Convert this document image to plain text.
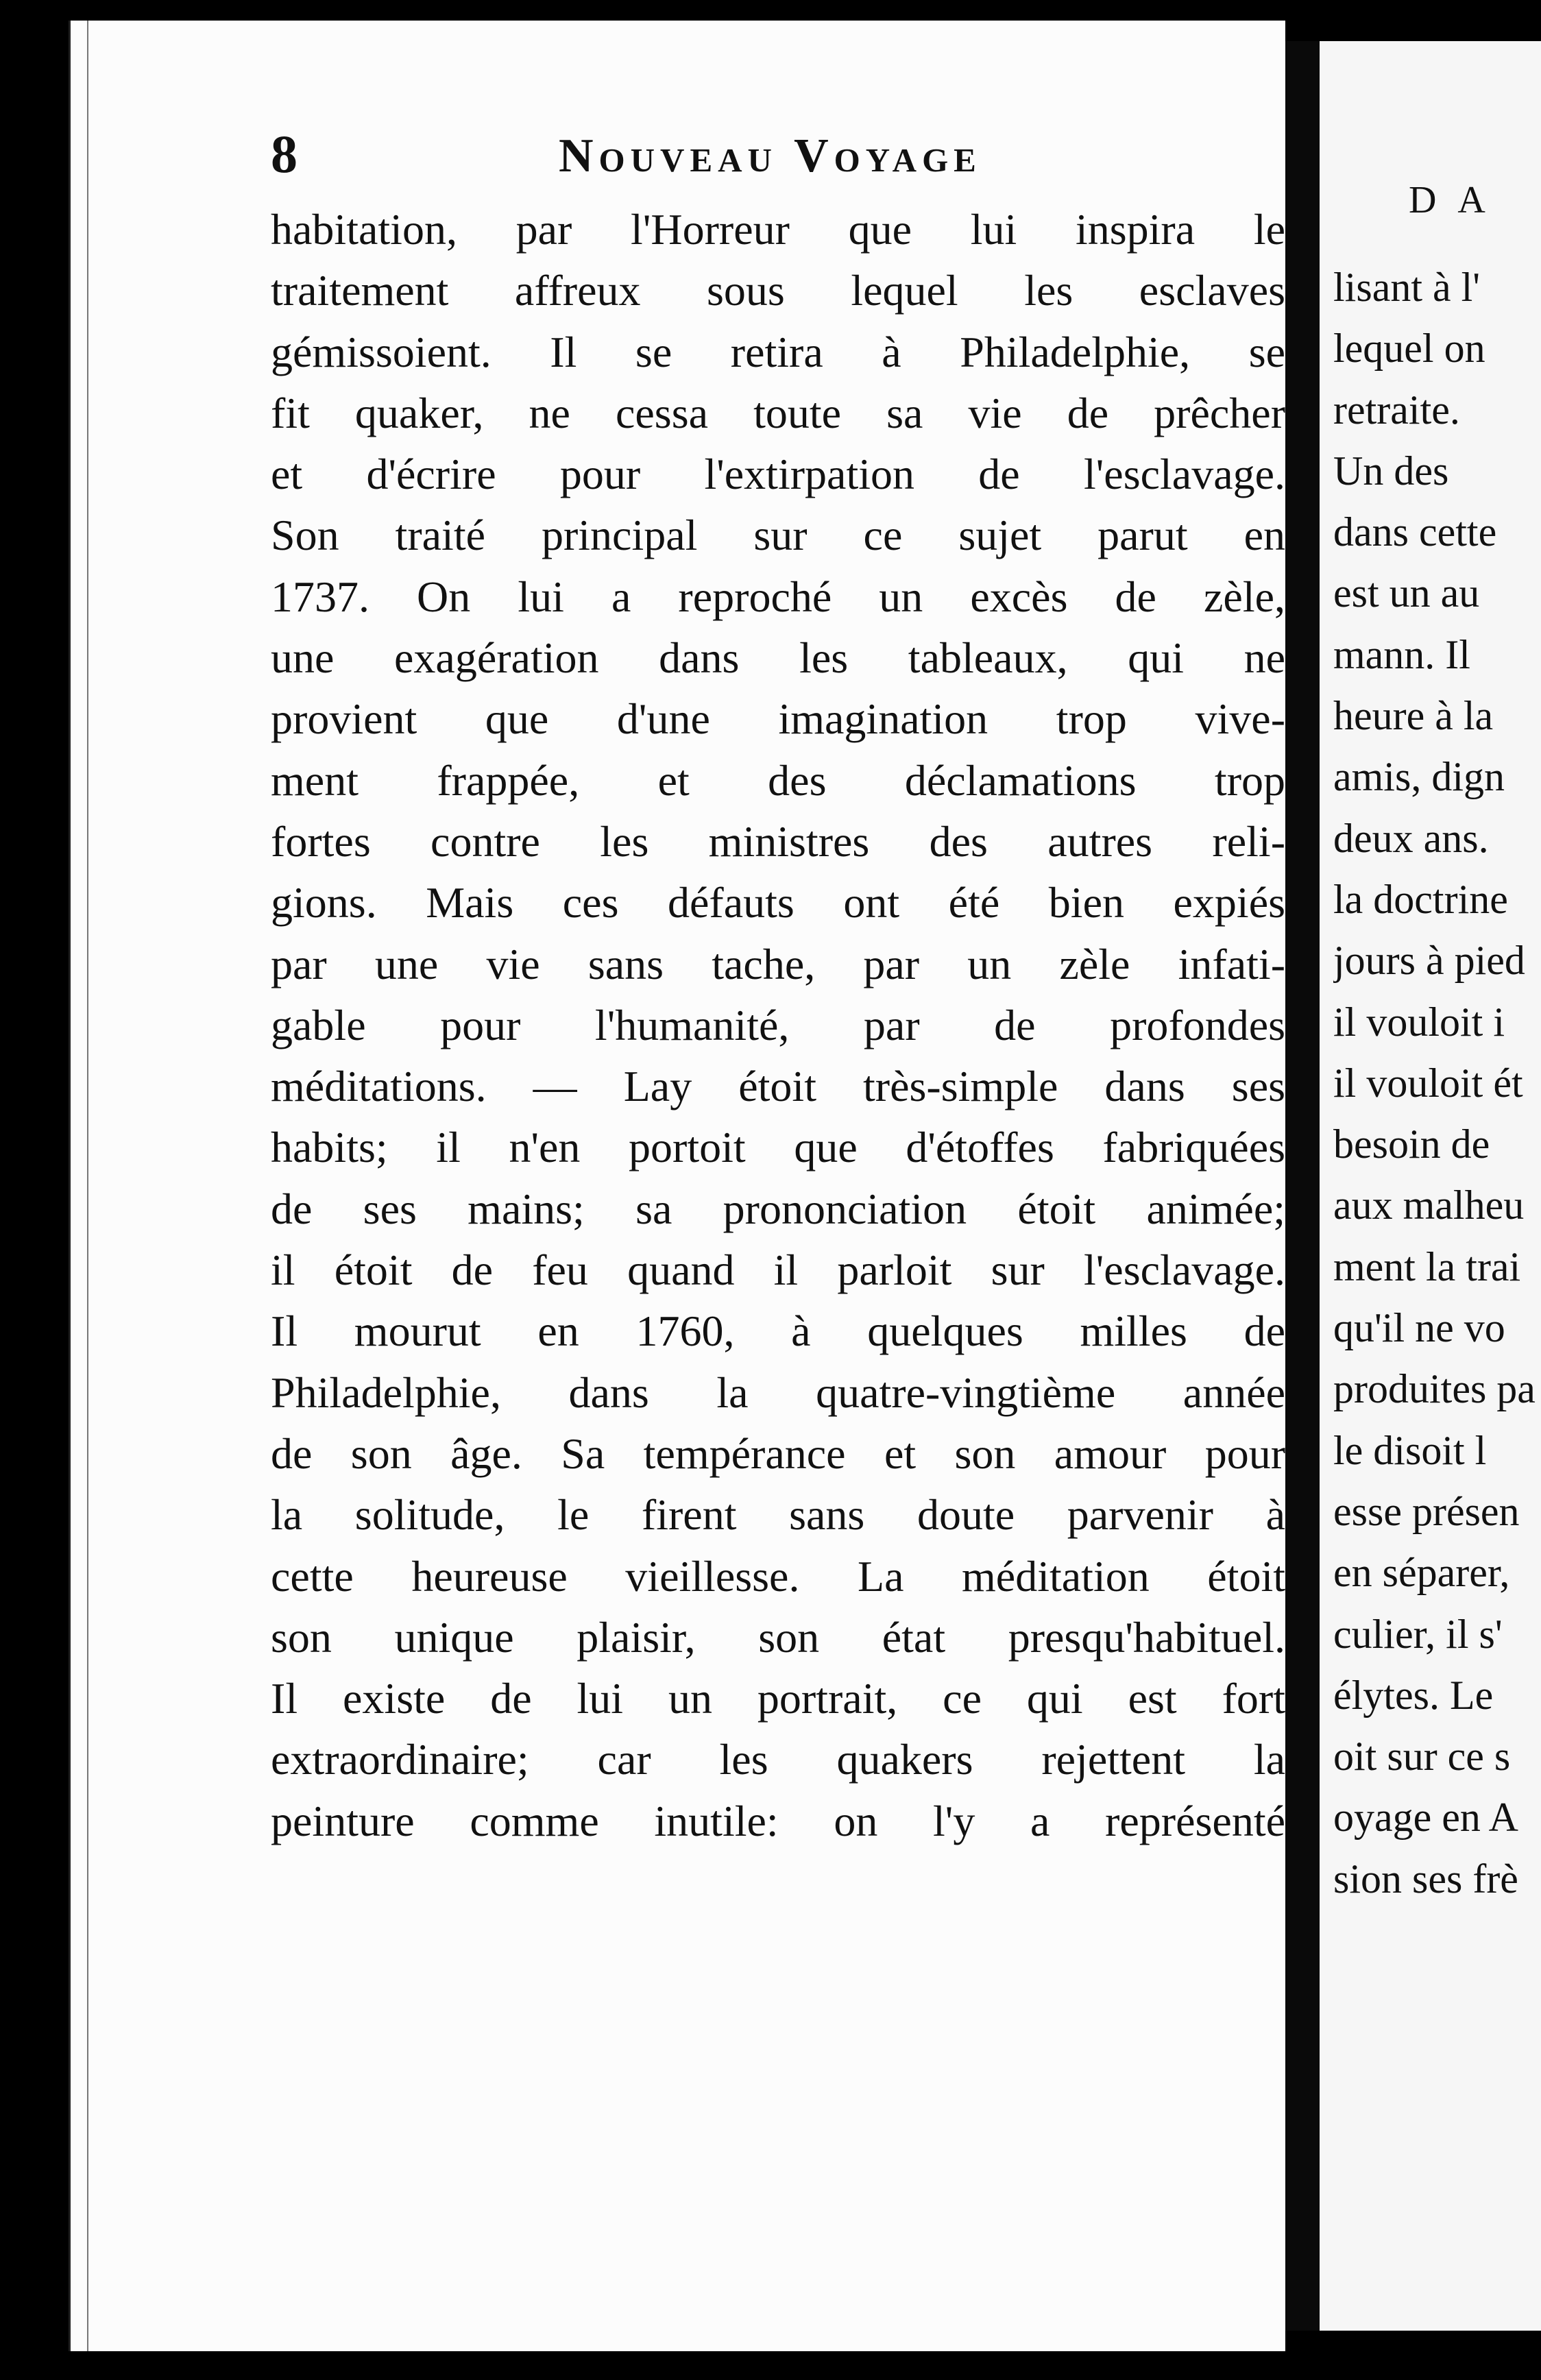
D A
lisant à l'
lequel on
retraite.
Un des
dans cette
est un au
mann. Il
heure à la
amis, dign
deux ans.
la doctrine
jours à pied
il vouloit i
il vouloit ét
besoin de
aux malheu
ment la trai
qu'il ne vo
produites pa
le disoit l
esse présen
en séparer,
culier, il s'
élytes. Le
oit sur ce s
oyage en A
sion ses frè
8	Nouveau Voyage
habitation, par l'Horreur que lui inspira le
traitement affreux sous lequel les esclaves
gémissoient. Il se retira à Philadelphie, se
fit quaker, ne cessa toute sa vie de prêcher
et d'écrire pour l'extirpation de l'esclavage.
Son traité principal sur ce sujet parut en
1737. On lui a reproché un excès de zèle,
une exagération dans les tableaux, qui ne
provient que d'une imagination trop vive-
ment frappée, et des déclamations trop
fortes contre les ministres des autres reli-
gions. Mais ces défauts ont été bien expiés
par une vie sans tache, par un zèle infati-
gable pour l'humanité, par de profondes
méditations. — Lay étoit très-simple dans ses
habits; il n'en portoit que d'étoffes fabriquées
de ses mains; sa prononciation étoit animée;
il étoit de feu quand il parloit sur l'esclavage.
Il mourut en 1760, à quelques milles de
Philadelphie, dans la quatre-vingtième année
de son âge. Sa tempérance et son amour pour
la solitude, le firent sans doute parvenir à
cette heureuse vieillesse. La méditation étoit
son unique plaisir, son état presqu'habituel.
Il existe de lui un portrait, ce qui est fort
extraordinaire; car les quakers rejettent la
peinture comme inutile: on l'y a représenté
